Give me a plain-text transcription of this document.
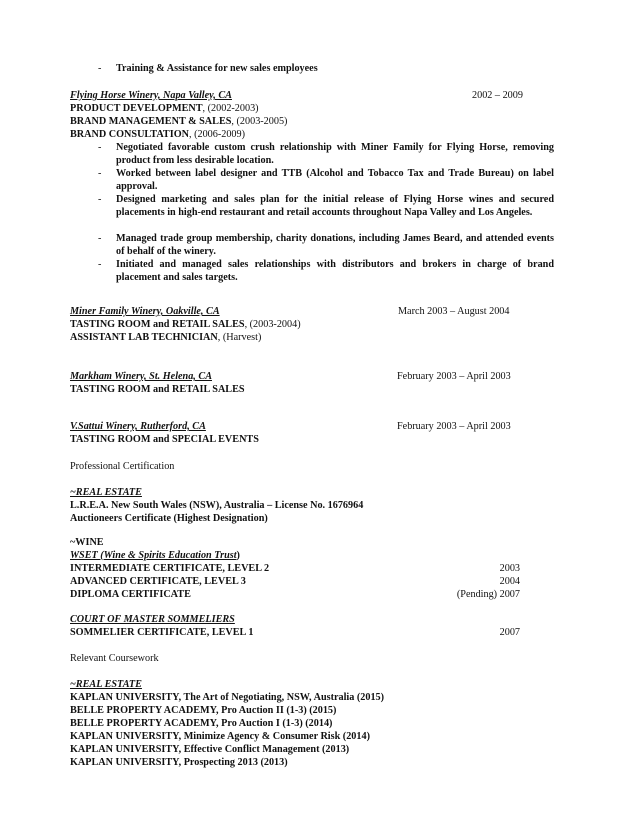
- Training & Assistance for new sales employees
Flying Horse Winery, Napa Valley, CA	2002 – 2009
PRODUCT DEVELOPMENT, (2002-2003)
BRAND MANAGEMENT & SALES, (2003-2005)
BRAND CONSULTATION, (2006-2009)
- Negotiated favorable custom crush relationship with Miner Family for Flying Horse, removing product from less desirable location.
- Worked between label designer and TTB (Alcohol and Tobacco Tax and Trade Bureau) on label approval.
- Designed marketing and sales plan for the initial release of Flying Horse wines and secured placements in high-end restaurant and retail accounts throughout Napa Valley and Los Angeles.
- Managed trade group membership, charity donations, including James Beard, and attended events of behalf of the winery.
- Initiated and managed sales relationships with distributors and brokers in charge of brand placement and sales targets.
Miner Family Winery, Oakville, CA	March 2003 – August 2004
TASTING ROOM and RETAIL SALES, (2003-2004)
ASSISTANT LAB TECHNICIAN, (Harvest)
Markham Winery, St. Helena, CA	February 2003 – April 2003
TASTING ROOM and RETAIL SALES
V.Sattui Winery, Rutherford, CA	February 2003 – April 2003
TASTING ROOM and SPECIAL EVENTS
Professional Certification
~REAL ESTATE
L.R.E.A. New South Wales (NSW), Australia – License No. 1676964
Auctioneers Certificate (Highest Designation)
~WINE
WSET (Wine & Spirits Education Trust)
INTERMEDIATE CERTIFICATE, LEVEL 2	2003
ADVANCED CERTIFICATE, LEVEL 3	2004
DIPLOMA CERTIFICATE	(Pending) 2007
COURT OF MASTER SOMMELIERS
SOMMELIER CERTIFICATE, LEVEL 1	2007
Relevant Coursework
~REAL ESTATE
KAPLAN UNIVERSITY, The Art of Negotiating, NSW, Australia (2015)
BELLE PROPERTY ACADEMY, Pro Auction II (1-3) (2015)
BELLE PROPERTY ACADEMY, Pro Auction I (1-3) (2014)
KAPLAN UNIVERSITY, Minimize Agency & Consumer Risk (2014)
KAPLAN UNIVERSITY, Effective Conflict Management (2013)
KAPLAN UNIVERSITY, Prospecting 2013 (2013)
